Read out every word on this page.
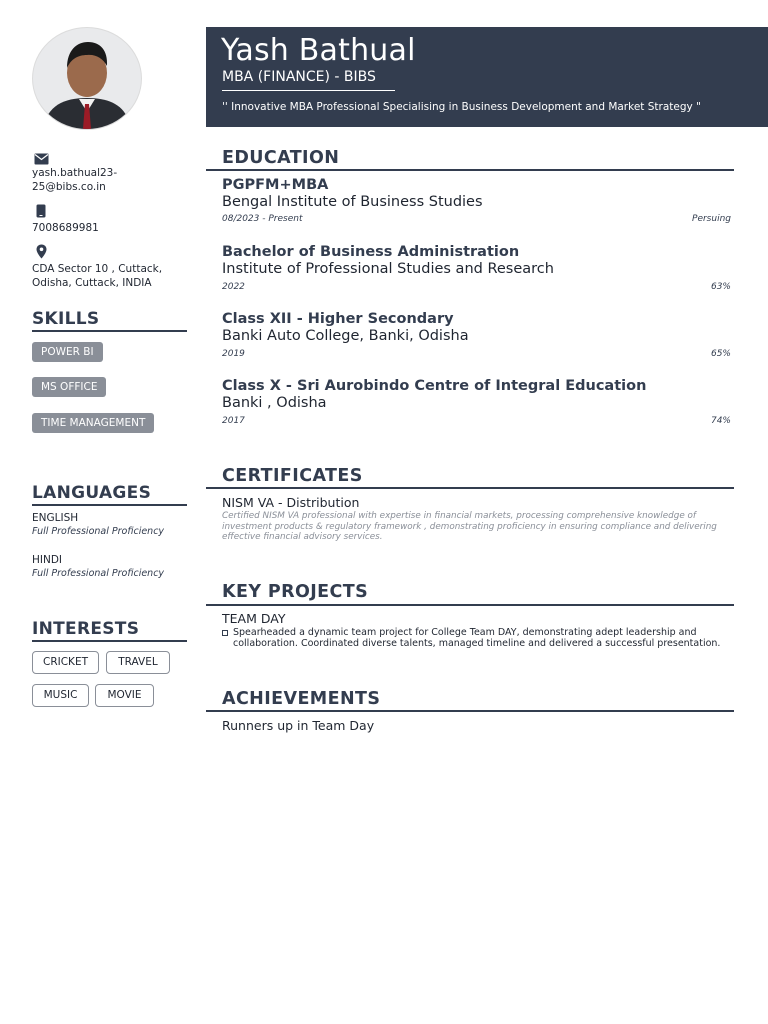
Yash Bathual
MBA (FINANCE) - BIBS
'' Innovative MBA Professional Specialising in Business Development and Market Strategy "
yash.bathual23-
25@bibs.co.in
7008689981
CDA Sector 10 , Cuttack,
Odisha, Cuttack, INDIA
SKILLS
POWER BI
MS OFFICE
TIME MANAGEMENT
LANGUAGES
ENGLISH
Full Professional Proficiency
HINDI
Full Professional Proficiency
INTERESTS
CRICKET	TRAVEL
MUSIC	MOVIE
EDUCATION
PGPFM+MBA
Bengal Institute of Business Studies
08/2023 - Present	Persuing
Bachelor of Business Administration
Institute of Professional Studies and Research
2022	63%
Class XII - Higher Secondary
Banki Auto College, Banki, Odisha
2019	65%
Class X - Sri Aurobindo Centre of Integral Education
Banki , Odisha
2017	74%
CERTIFICATES
NISM VA - Distribution
Certified NISM VA professional with expertise in financial markets, processing comprehensive knowledge of investment products & regulatory framework , demonstrating proficiency in ensuring compliance and delivering effective financial advisory services.
KEY PROJECTS
TEAM DAY
Spearheaded a dynamic team project for College Team DAY, demonstrating adept leadership and collaboration. Coordinated diverse talents, managed timeline and delivered a successful presentation.
ACHIEVEMENTS
Runners up in Team Day
